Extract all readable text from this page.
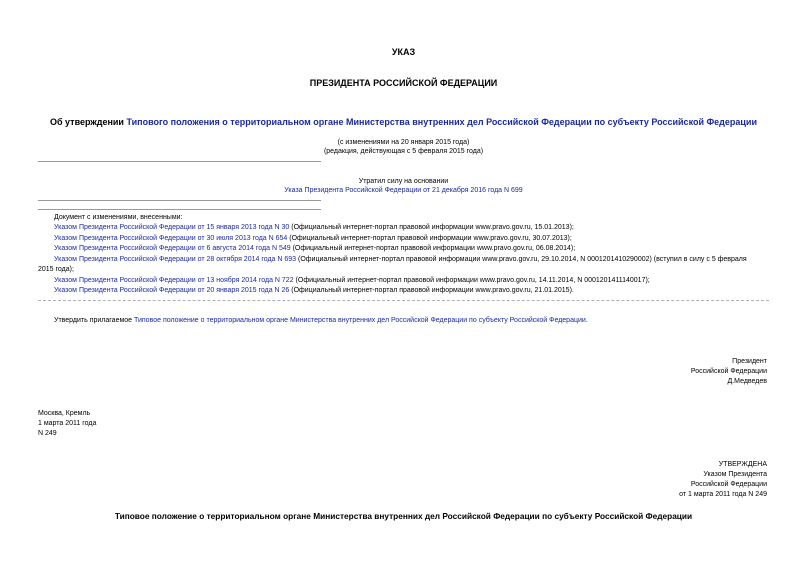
УКАЗ
ПРЕЗИДЕНТА РОССИЙСКОЙ ФЕДЕРАЦИИ
Об утверждении Типового положения о территориальном органе Министерства внутренних дел Российской Федерации по субъекту Российской Федерации
(с изменениями на 20 января 2015 года)
(редакция, действующая с 5 февраля 2015 года)
Утратил силу на основании
Указа Президента Российской Федерации от 21 декабря 2016 года N 699
Документ с изменениями, внесенными:
Указом Президента Российской Федерации от 15 января 2013 года N 30 (Официальный интернет-портал правовой информации www.pravo.gov.ru, 15.01.2013);
Указом Президента Российской Федерации от 30 июля 2013 года N 654 (Официальный интернет-портал правовой информации www.pravo.gov.ru, 30.07.2013);
Указом Президента Российской Федерации от 6 августа 2014 года N 549 (Официальный интернет-портал правовой информации www.pravo.gov.ru, 06.08.2014);
Указом Президента Российской Федерации от 28 октября 2014 года N 693 (Официальный интернет-портал правовой информации www.pravo.gov.ru, 29.10.2014, N 0001201410290002) (вступил в силу с 5 февраля
2015 года);
Указом Президента Российской Федерации от 13 ноября 2014 года N 722 (Официальный интернет-портал правовой информации www.pravo.gov.ru, 14.11.2014, N 0001201411140017);
Указом Президента Российской Федерации от 20 января 2015 года N 26 (Официальный интернет-портал правовой информации www.pravo.gov.ru, 21.01.2015).
Утвердить прилагаемое Типовое положение о территориальном органе Министерства внутренних дел Российской Федерации по субъекту Российской Федерации.
Президент
Российской Федерации
Д.Медведев
Москва, Кремль
1 марта 2011 года
N 249
УТВЕРЖДЕНА
Указом Президента
Российской Федерации
от 1 марта 2011 года N 249
Типовое положение о территориальном органе Министерства внутренних дел Российской Федерации по субъекту Российской Федерации
